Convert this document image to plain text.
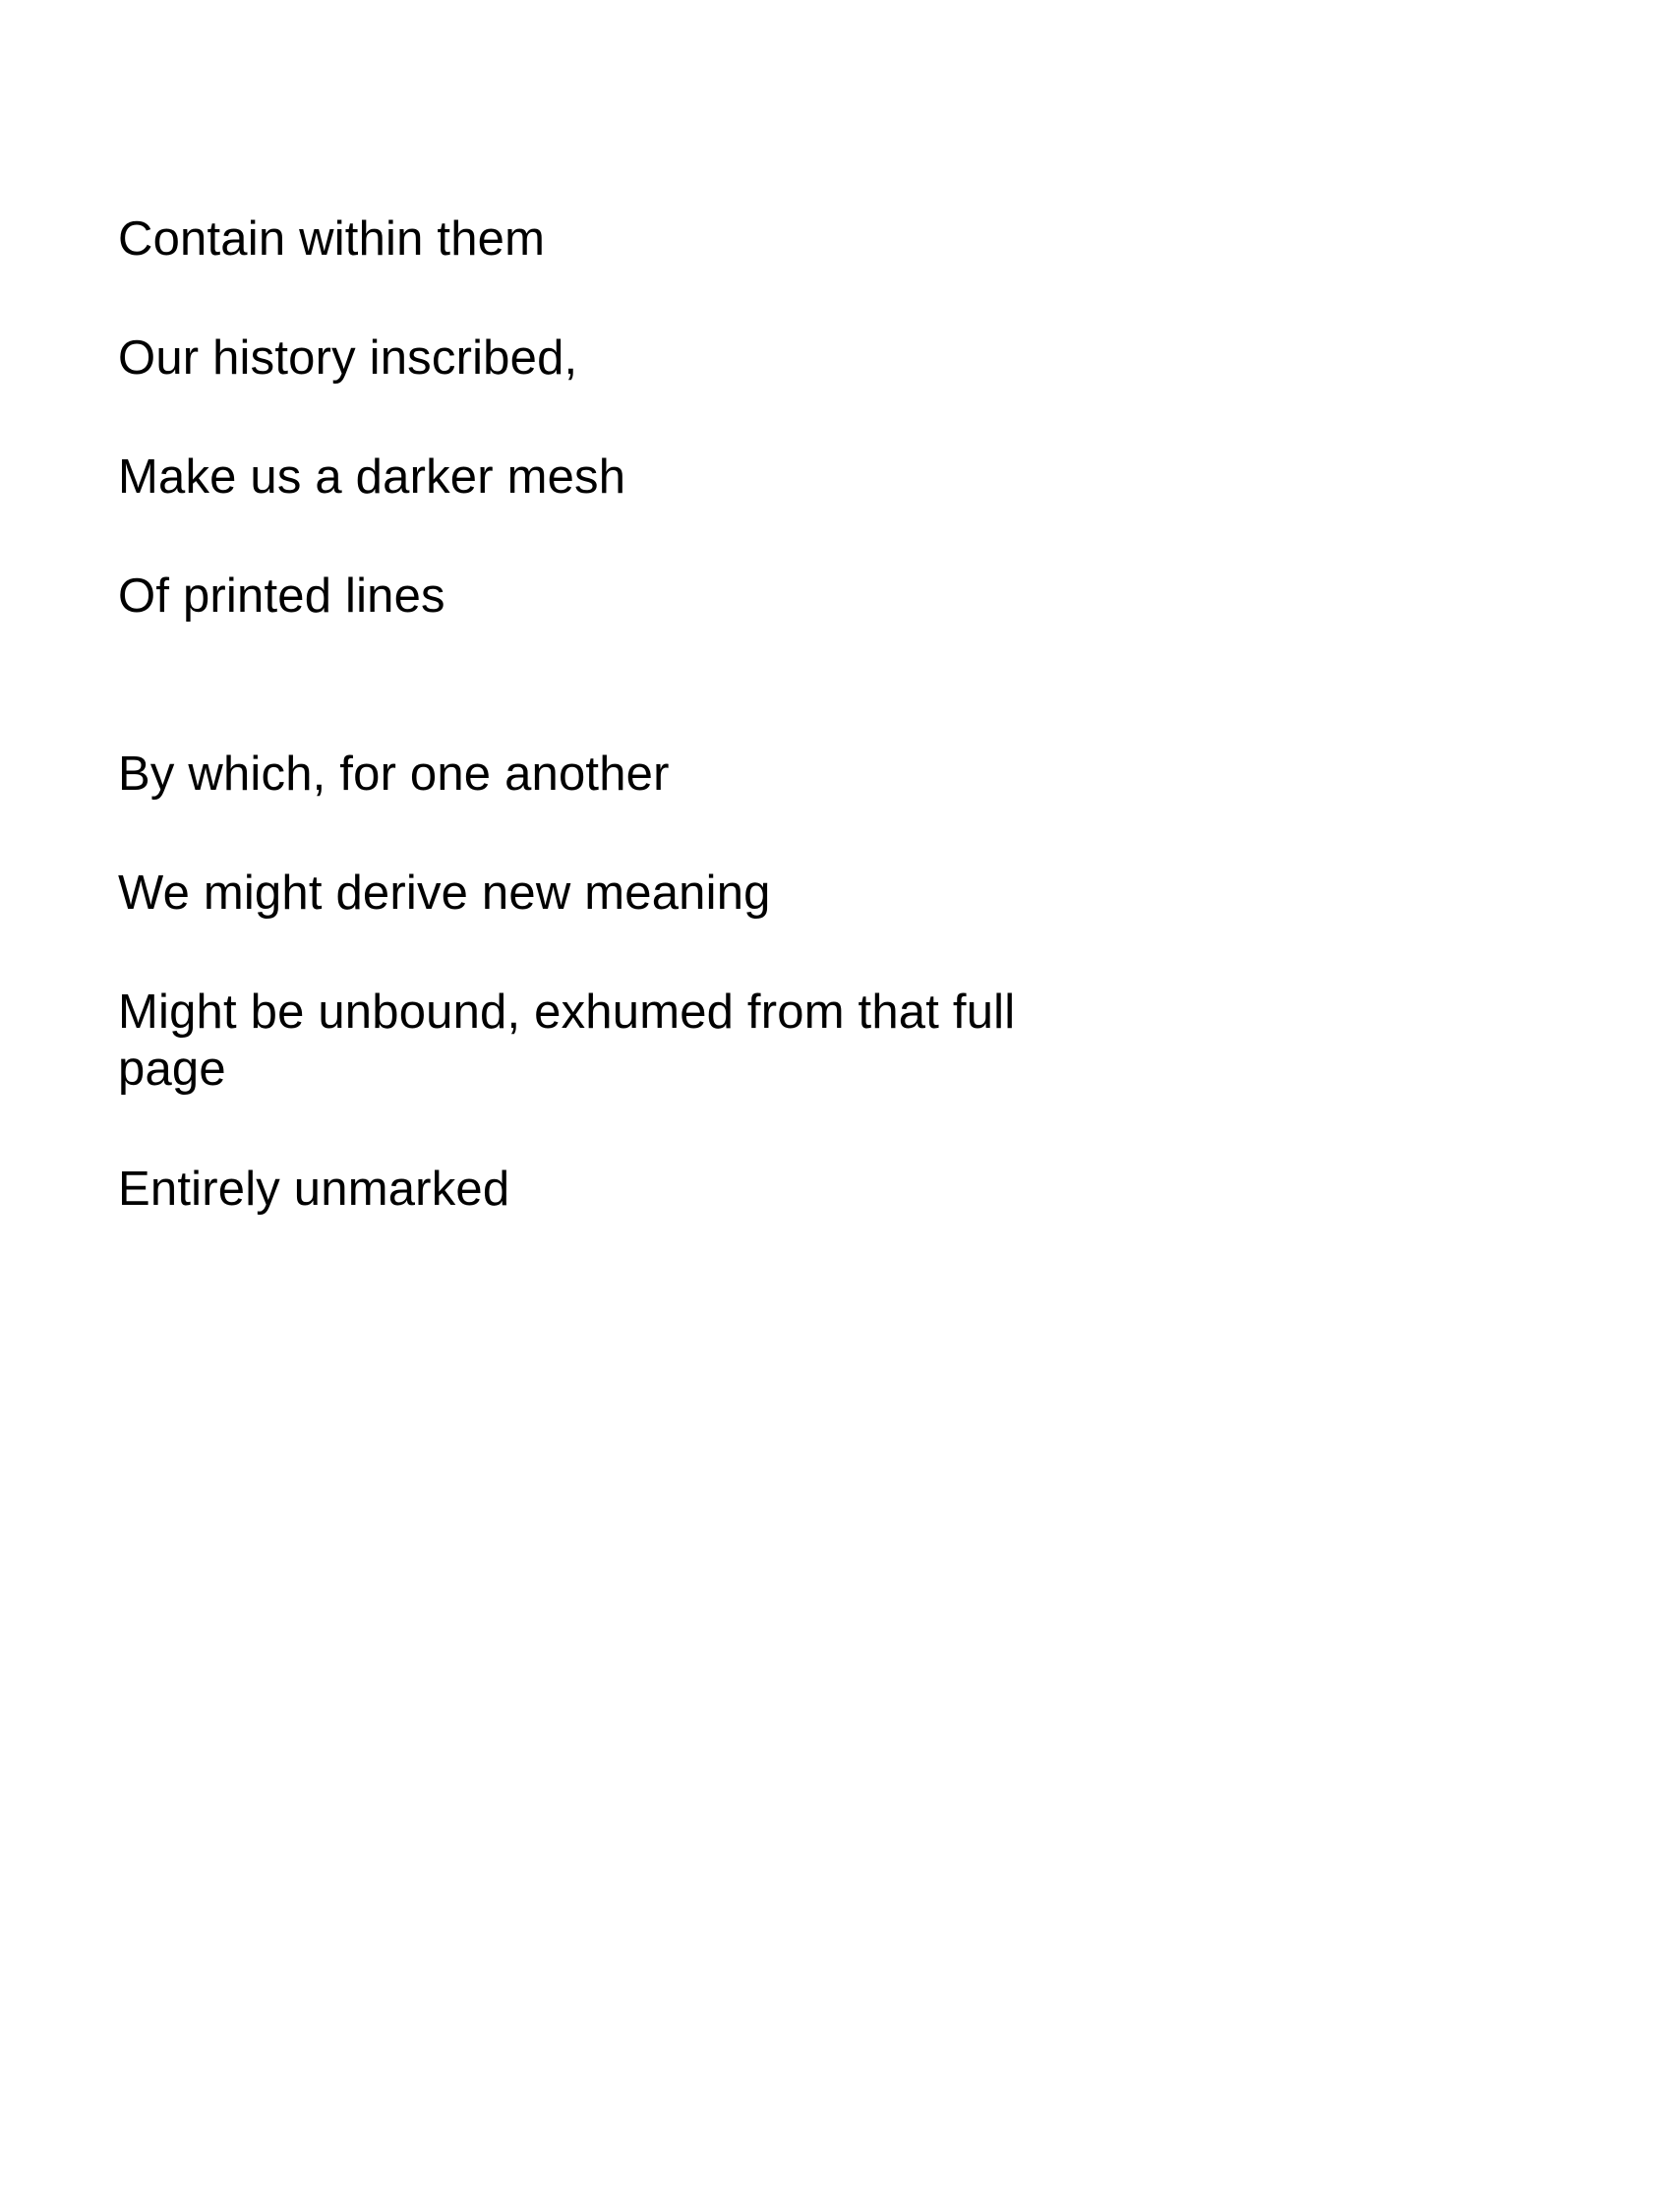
Contain within them

Our history inscribed,

Make us a darker mesh

Of printed lines

By which, for one another

We might derive new meaning

Might be unbound, exhumed from that full page

Entirely unmarked
